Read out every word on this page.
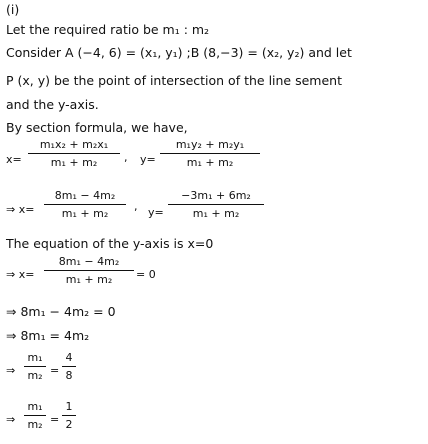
(i)
Let the required ratio be m₁ : m₂
Consider A (−4, 6) = (x₁, y₁) ;B (8,−3) = (x₂, y₂) and let
P (x, y) be the point of intersection of the line sement
and the y-axis.
By section formula, we have,
x=
m₁x₂ + m₂x₁
m₁ + m₂	, y=
m₁y₂ + m₂y₁
m₁ + m₂
⇒ x=
8m₁ − 4m₂
m₁ + m₂
, y=
−3m₁ + 6m₂
m₁ + m₂
The equation of the y-axis is x=0
⇒ x=
8m₁ − 4m₂
m₁ + m₂	= 0
⇒ 8m₁ − 4m₂ = 0
⇒ 8m₁ = 4m₂
⇒
m₁
m₂ =
4
8
⇒
m₁
m₂ =
1
2
